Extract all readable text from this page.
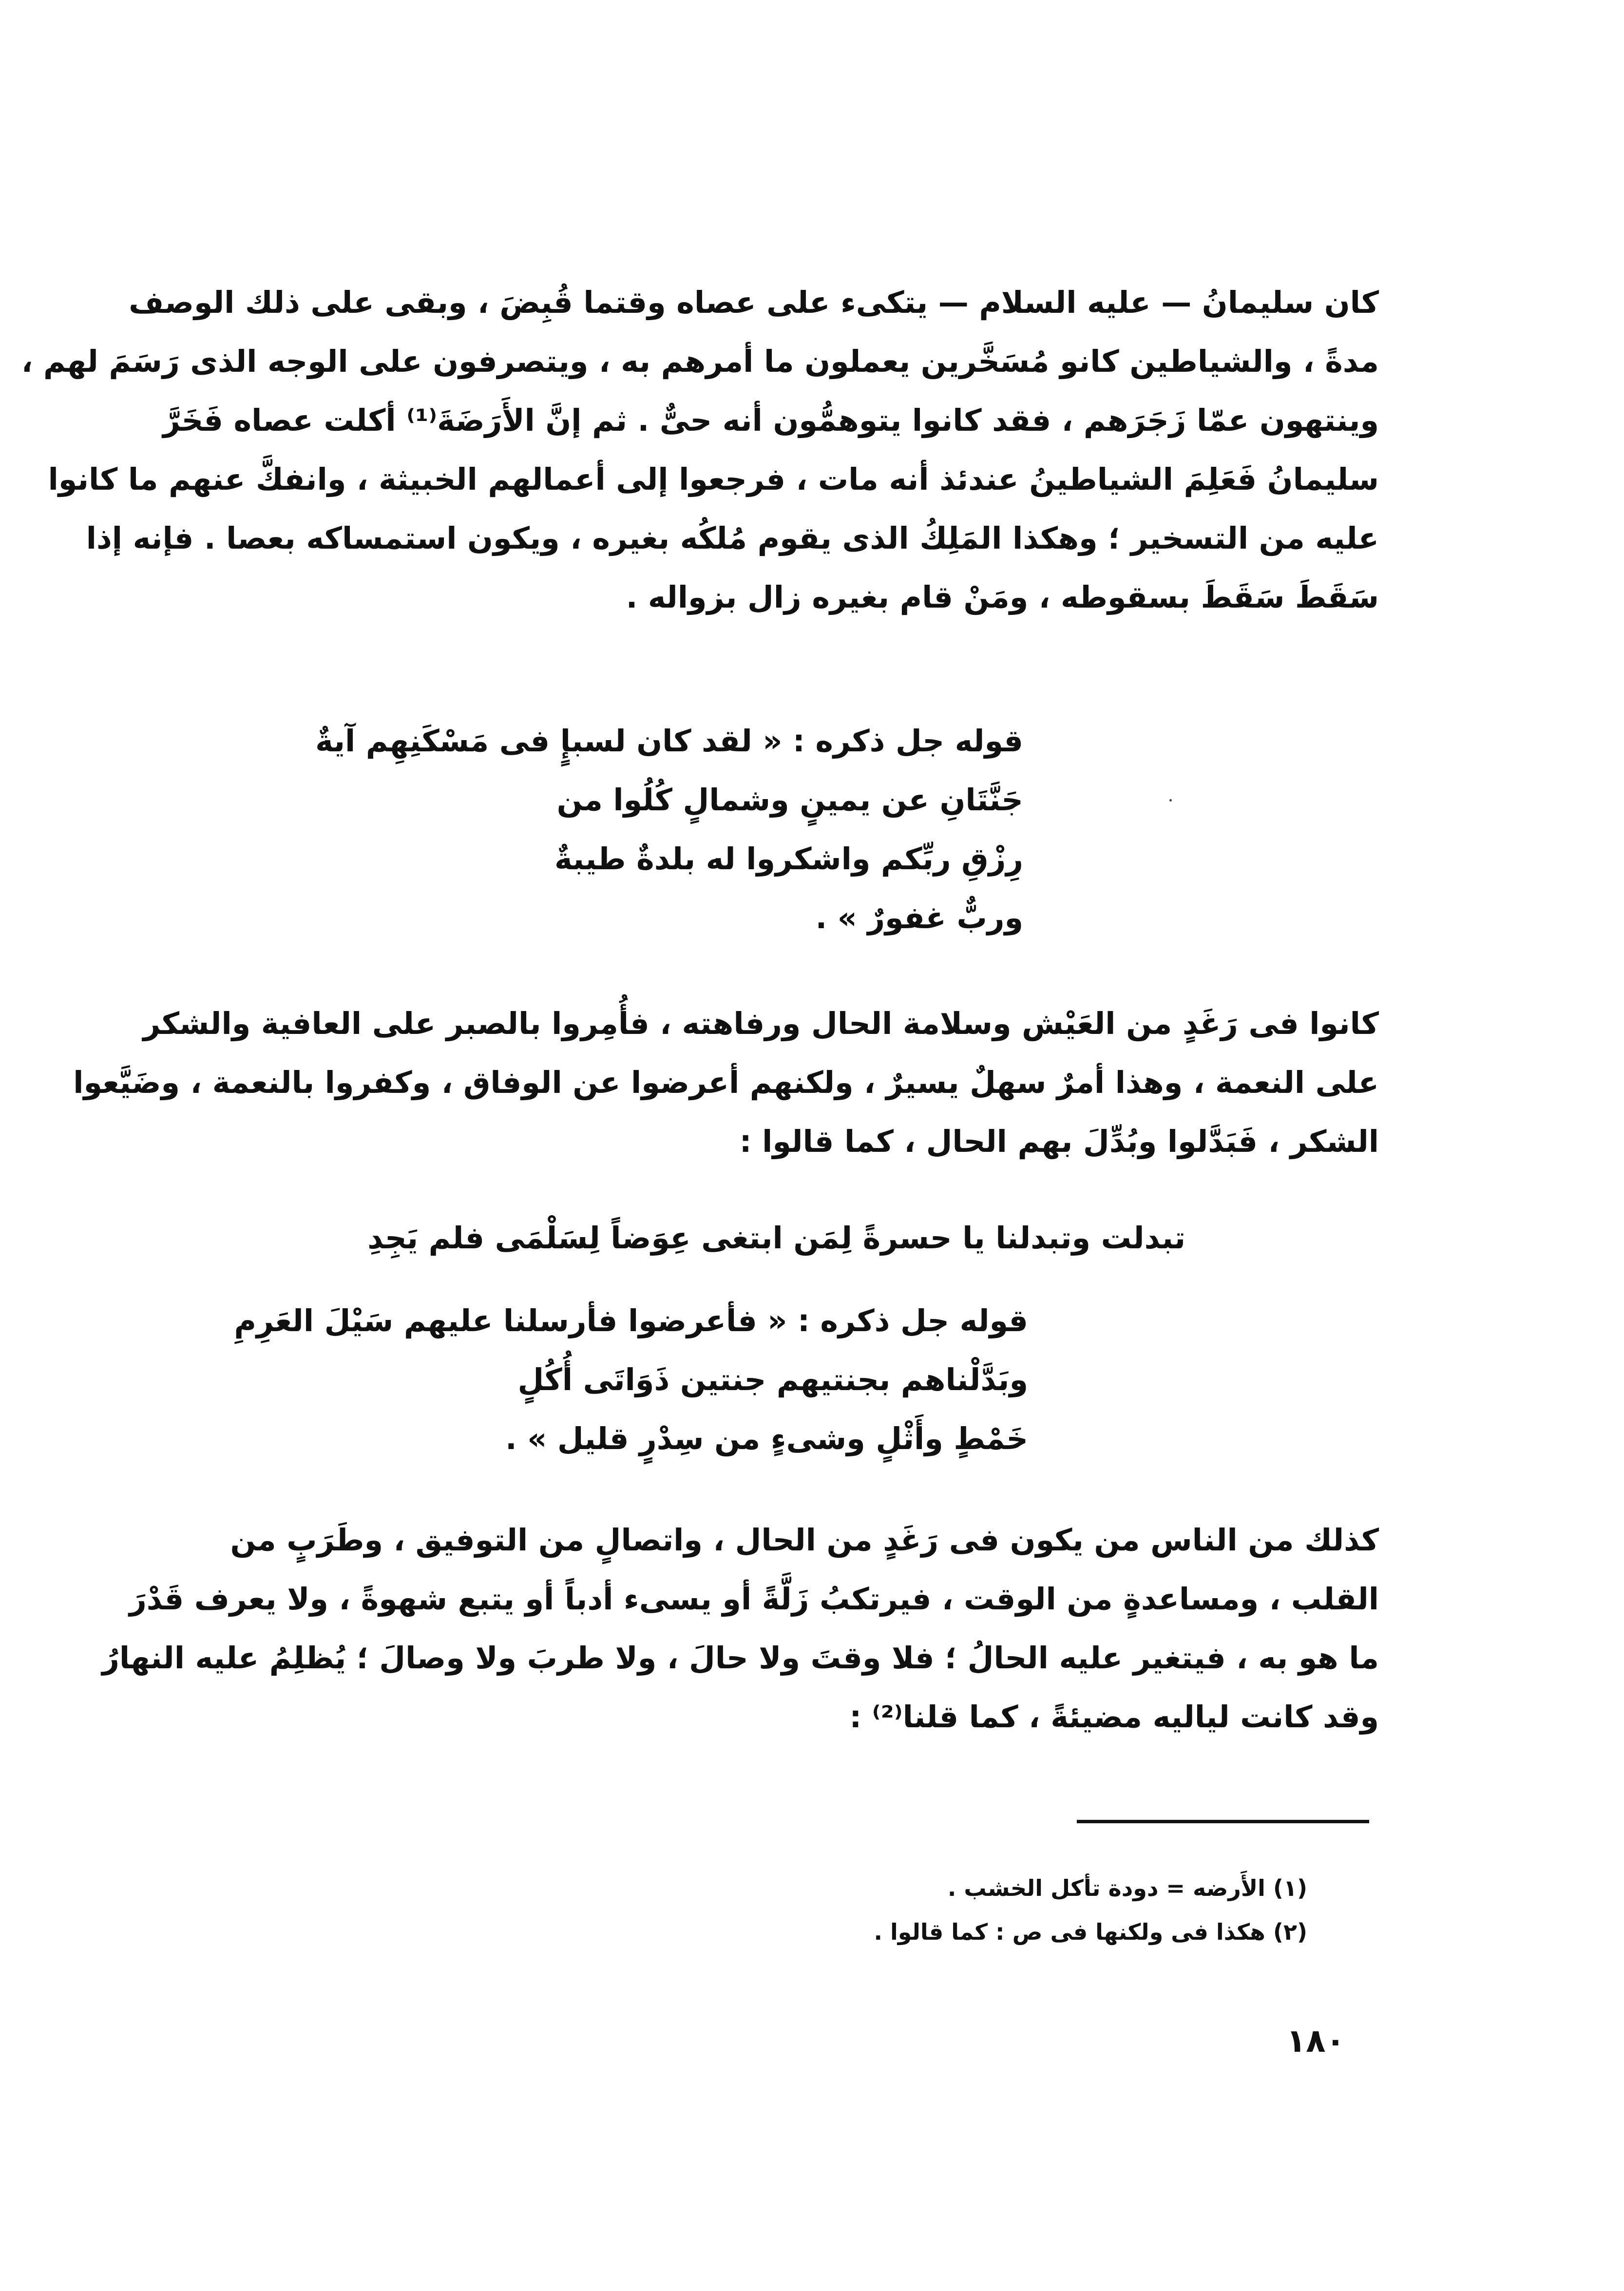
كان سليمانُ — عليه السلام — يتكىء على عصاه وقتما قُبِضَ ، وبقى على ذلك الوصف
مدةً ، والشياطين كانو مُسَخَّرين يعملون ما أمرهم به ، ويتصرفون على الوجه الذى رَسَمَ لهم ،
وينتهون عمّا زَجَرَهم ، فقد كانوا يتوهمُّون أنه حىٌّ . ثم إنَّ الأَرَضَةَ⁽¹⁾ أكلت عصاه فَخَرَّ
سليمانُ فَعَلِمَ الشياطينُ عندئذ أنه مات ، فرجعوا إلى أعمالهم الخبيثة ، وانفكَّ عنهم ما كانوا
عليه من التسخير ؛ وهكذا المَلِكُ الذى يقوم مُلكُه بغيره ، ويكون استمساكه بعصا . فإنه إذا
سَقَطَ سَقَطَ بسقوطه ، ومَنْ قام بغيره زال بزواله .
قوله جل ذكره : « لقد كان لسبإٍ فى مَسْكَنِهِم آيةٌ
جَنَّتَانِ عن يمينٍ وشمالٍ كُلُوا من
رِزْقِ ربِّكم واشكروا له بلدةٌ طيبةٌ
وربٌّ غفورٌ » .
كانوا فى رَغَدٍ من العَيْش وسلامة الحال ورفاهته ، فأُمِروا بالصبر على العافية والشكر
على النعمة ، وهذا أمرٌ سهلٌ يسيرٌ ، ولكنهم أعرضوا عن الوفاق ، وكفروا بالنعمة ، وضَيَّعوا
الشكر ، فَبَدَّلوا وبُدِّلَ بهم الحال ، كما قالوا :
تبدلت وتبدلنا يا حسرةً لِمَن ابتغى عِوَضاً لِسَلْمَى فلم يَجِدِ
قوله جل ذكره : « فأعرضوا فأرسلنا عليهم سَيْلَ العَرِمِ
وبَدَّلْناهم بجنتيهم جنتين ذَوَاتَى أُكُلٍ
خَمْطٍ وأَثْلٍ وشىءٍ من سِدْرٍ قليل » .
كذلك من الناس من يكون فى رَغَدٍ من الحال ، واتصالٍ من التوفيق ، وطَرَبٍ من
القلب ، ومساعدةٍ من الوقت ، فيرتكبُ زَلَّةً أو يسىء أدباً أو يتبع شهوةً ، ولا يعرف قَدْرَ
ما هو به ، فيتغير عليه الحالُ ؛ فلا وقتَ ولا حالَ ، ولا طربَ ولا وصالَ ؛ يُظلِمُ عليه النهارُ
وقد كانت لياليه مضيئةً ، كما قلنا⁽²⁾ :
(١) الأَرضه = دودة تأكل الخشب .
(٢) هكذا فى ولكنها فى ص : كما قالوا .
١٨٠
